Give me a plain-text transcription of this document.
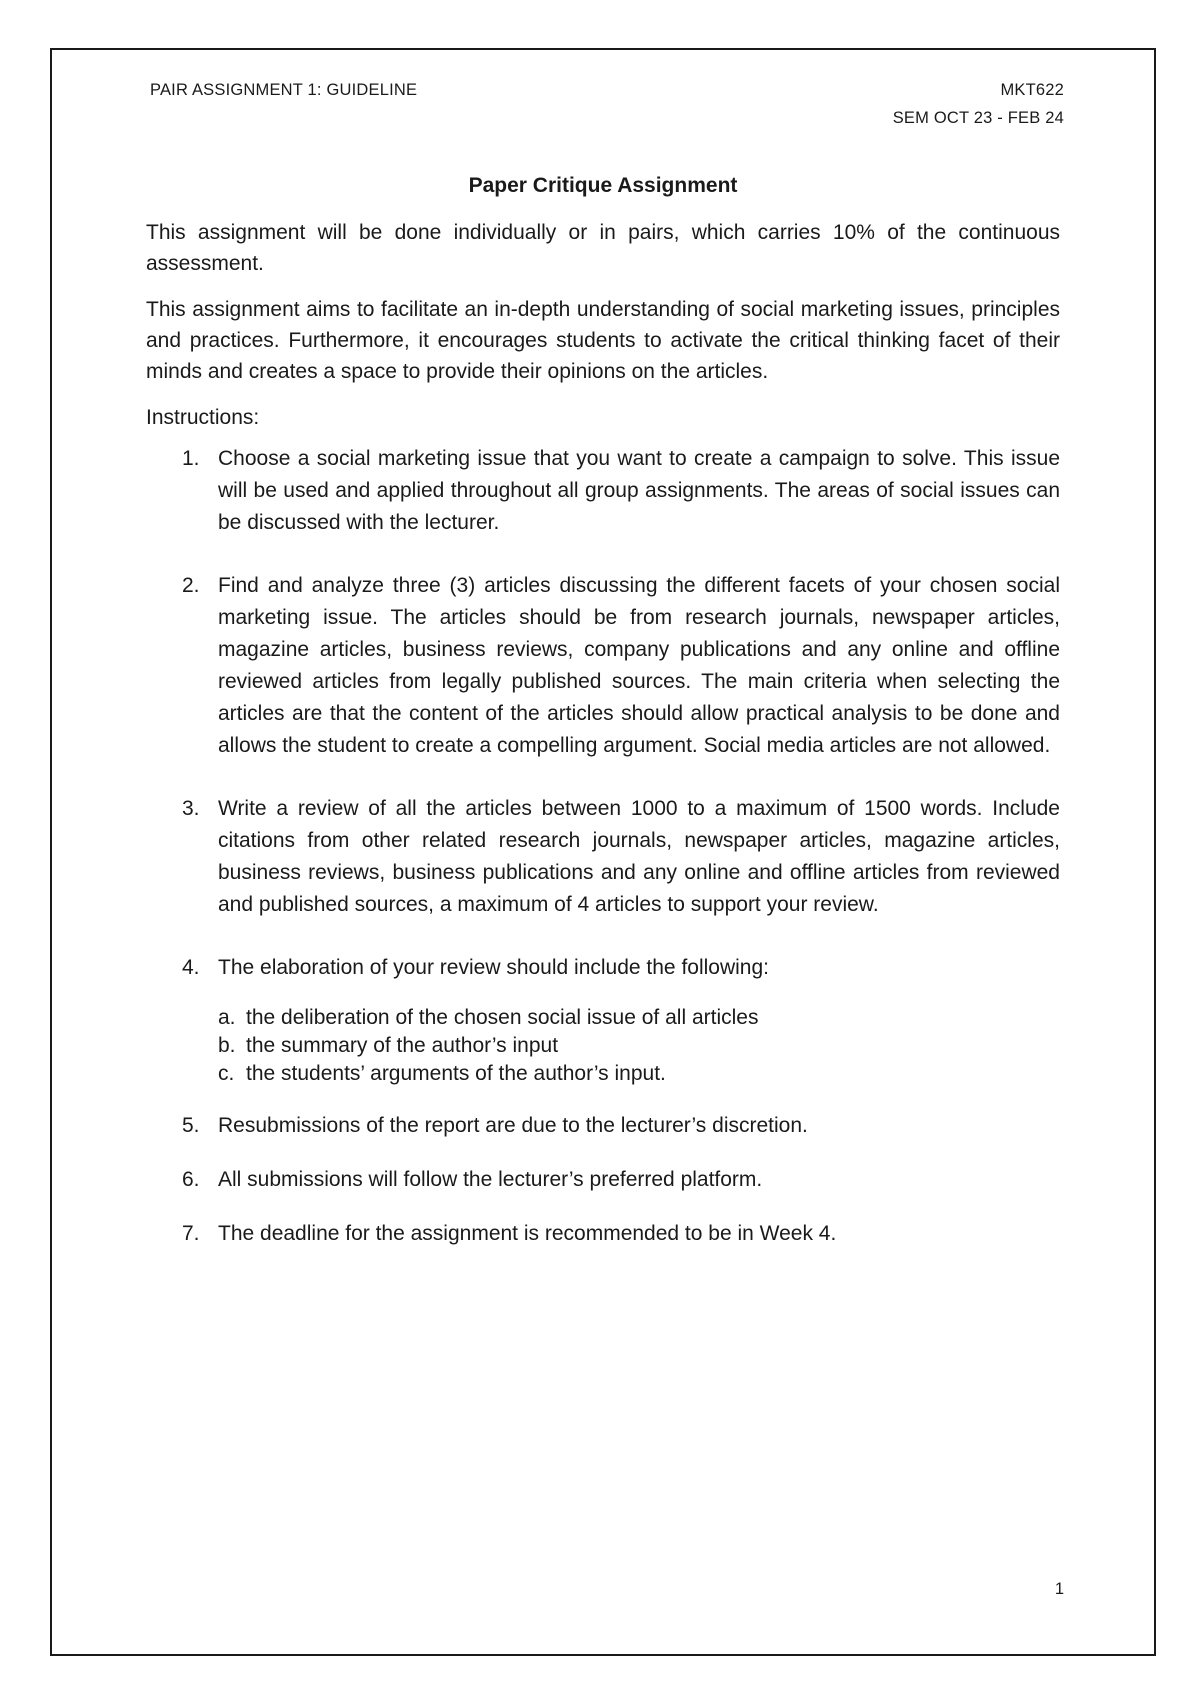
PAIR ASSIGNMENT 1: GUIDELINE	MKT622
SEM OCT 23 - FEB 24
Paper Critique Assignment

This assignment will be done individually or in pairs, which carries 10% of the continuous assessment.

This assignment aims to facilitate an in-depth understanding of social marketing issues, principles and practices. Furthermore, it encourages students to activate the critical thinking facet of their minds and creates a space to provide their opinions on the articles.

Instructions:

1. Choose a social marketing issue that you want to create a campaign to solve. This issue will be used and applied throughout all group assignments. The areas of social issues can be discussed with the lecturer.
2. Find and analyze three (3) articles discussing the different facets of your chosen social marketing issue. The articles should be from research journals, newspaper articles, magazine articles, business reviews, company publications and any online and offline reviewed articles from legally published sources. The main criteria when selecting the articles are that the content of the articles should allow practical analysis to be done and allows the student to create a compelling argument. Social media articles are not allowed.
3. Write a review of all the articles between 1000 to a maximum of 1500 words. Include citations from other related research journals, newspaper articles, magazine articles, business reviews, business publications and any online and offline articles from reviewed and published sources, a maximum of 4 articles to support your review.
4. The elaboration of your review should include the following:
a. the deliberation of the chosen social issue of all articles
b. the summary of the author’s input
c. the students’ arguments of the author’s input.
5. Resubmissions of the report are due to the lecturer’s discretion.
6. All submissions will follow the lecturer’s preferred platform.
7. The deadline for the assignment is recommended to be in Week 4.
1
